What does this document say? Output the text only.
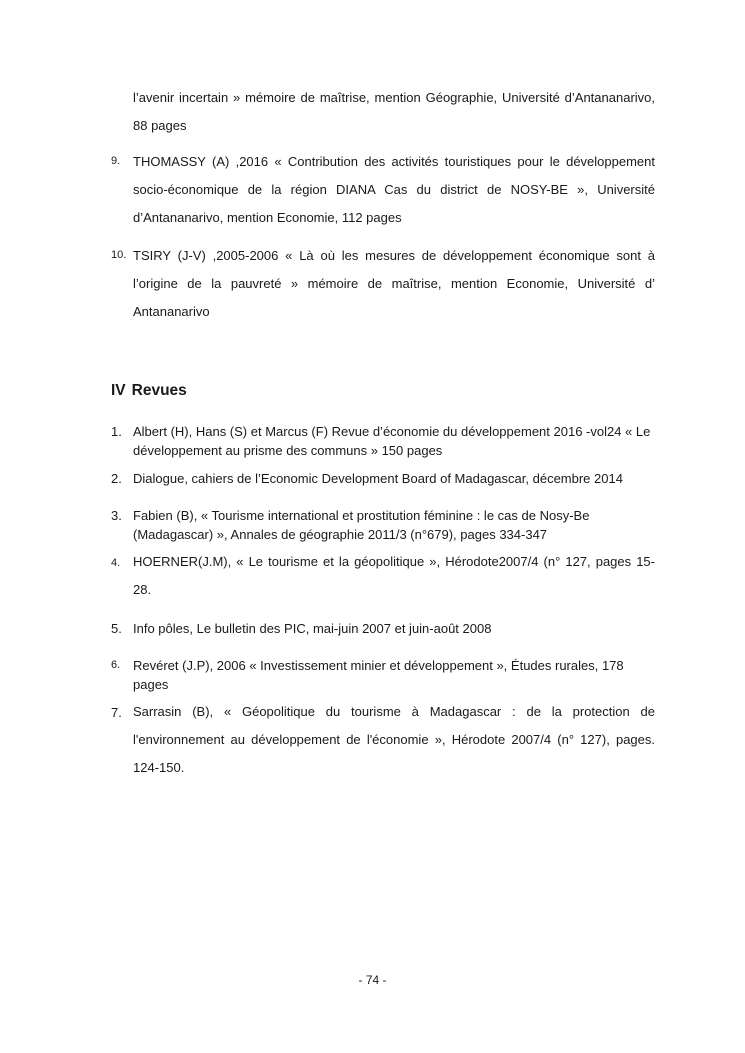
l’avenir incertain » mémoire de maîtrise, mention Géographie, Université d’Antananarivo, 88 pages
9. THOMASSY (A) ,2016 « Contribution des activités touristiques pour le développement socio-économique de la région DIANA Cas du district de NOSY-BE », Université d’Antananarivo, mention Economie, 112 pages
10. TSIRY (J-V) ,2005-2006 « Là où les mesures de développement économique sont à l’origine de la pauvreté » mémoire de maîtrise, mention Economie, Université d’ Antananarivo
IV Revues
1. Albert (H), Hans (S) et Marcus (F) Revue d’économie du développement 2016 -vol24 « Le développement au prisme des communs » 150 pages
2. Dialogue, cahiers de l’Economic Development Board of Madagascar, décembre 2014
3. Fabien (B), « Tourisme international et prostitution féminine : le cas de Nosy-Be (Madagascar) », Annales de géographie 2011/3 (n°679), pages 334-347
4. HOERNER(J.M), « Le tourisme et la géopolitique », Hérodote2007/4 (n° 127, pages 15-28.
5. Info pôles, Le bulletin des PIC, mai-juin 2007 et juin-août 2008
6. Revéret (J.P), 2006 « Investissement minier et développement », Études rurales, 178 pages
7. Sarrasin (B), « Géopolitique du tourisme à Madagascar : de la protection de l'environnement au développement de l'économie », Hérodote 2007/4 (n° 127), pages. 124-150.
- 74 -
